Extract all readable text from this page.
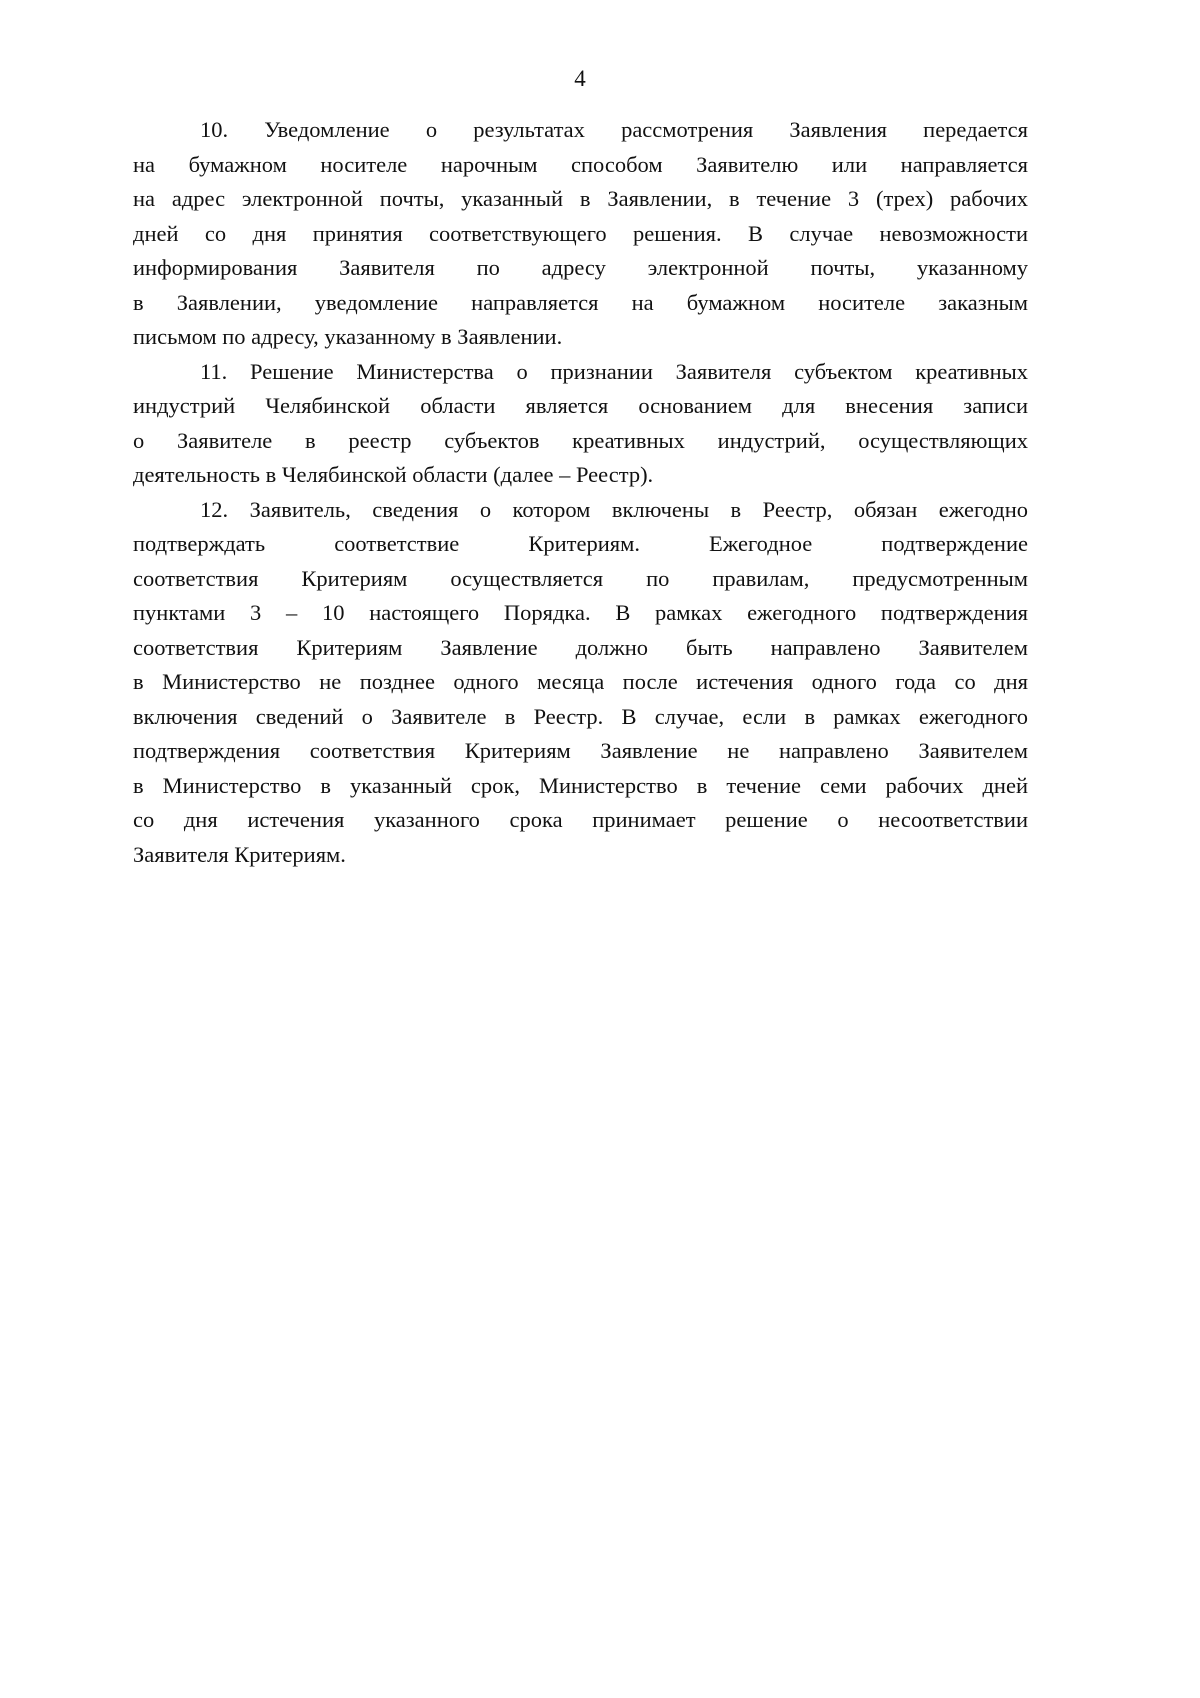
4
10. Уведомление о результатах рассмотрения Заявления передается
на бумажном носителе нарочным способом Заявителю или направляется
на адрес электронной почты, указанный в Заявлении, в течение 3 (трех) рабочих
дней со дня принятия соответствующего решения. В случае невозможности
информирования Заявителя по адресу электронной почты, указанному
в Заявлении, уведомление направляется на бумажном носителе заказным
письмом по адресу, указанному в Заявлении.
11. Решение Министерства о признании Заявителя субъектом креативных
индустрий Челябинской области является основанием для внесения записи
о Заявителе в реестр субъектов креативных индустрий, осуществляющих
деятельность в Челябинской области (далее – Реестр).
12. Заявитель, сведения о котором включены в Реестр, обязан ежегодно
подтверждать соответствие Критериям. Ежегодное подтверждение
соответствия Критериям осуществляется по правилам, предусмотренным
пунктами 3 – 10 настоящего Порядка. В рамках ежегодного подтверждения
соответствия Критериям Заявление должно быть направлено Заявителем
в Министерство не позднее одного месяца после истечения одного года со дня
включения сведений о Заявителе в Реестр. В случае, если в рамках ежегодного
подтверждения соответствия Критериям Заявление не направлено Заявителем
в Министерство в указанный срок, Министерство в течение семи рабочих дней
со дня истечения указанного срока принимает решение о несоответствии
Заявителя Критериям.
